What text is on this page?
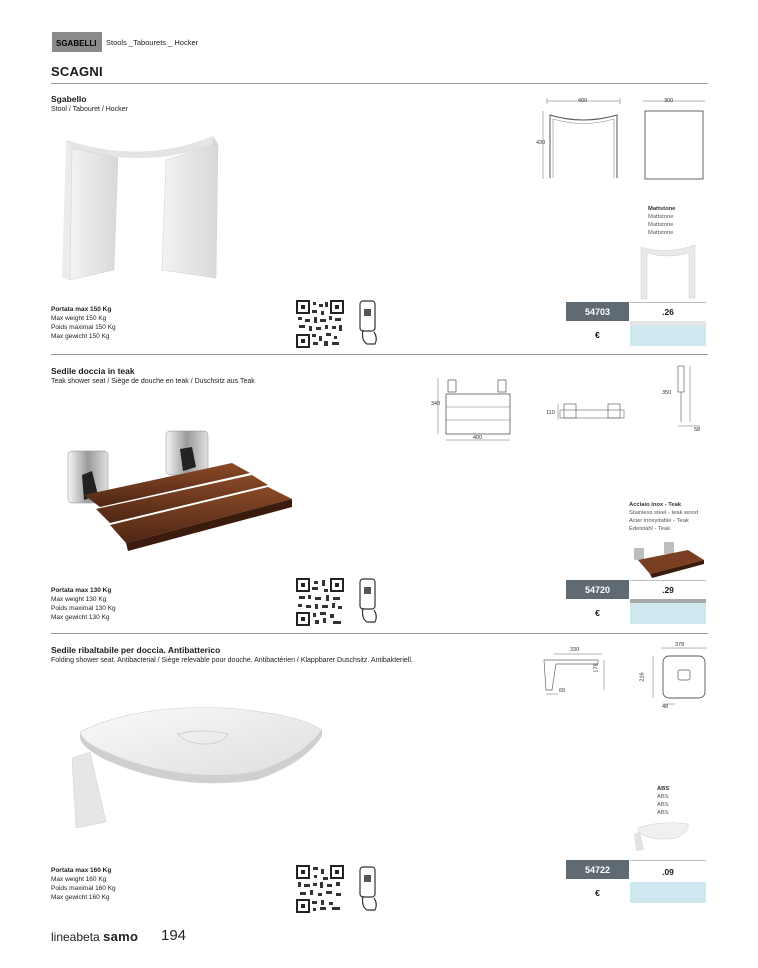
SGABELLI Stools _Tabourets _ Hocker
SCAGNI
Sgabello
Stool / Tabouret / Hocker
400	300
430
Mattstone
Mattstone
Mattstone
Mattstone
Portata max 150 Kg
Max weight 150 Kg
Poids maximal 150 Kg
Max gewicht 150 Kg
54703
€
.26
Sedile doccia in teak
Teak shower seat / Siège de douche en teak / Duschsitz aus Teak
340
400
110
350
58
Acciaio inox - Teak
Stainless steel - teak wood
Acier inoxydable - Teak
Edelstahl - Teak
Portata max 130 Kg
Max weight 130 Kg
Poids maximal 130 Kg
Max gewicht 130 Kg
54720
€
.29
Sedile ribaltabile per doccia. Antibatterico
Folding shower seat. Antibacterial / Siège relevable pour douche. Antibactérien / Klappbarer Duschsitz. Antibakteriell.
330
178
69
378
216
48
ABS
ABS
ABS
ABS
Portata max 160 Kg
Max weight 160 Kg
Poids maximal 160 Kg
Max gewicht 160 Kg
54722
€
.09
lineabeta samo 194
